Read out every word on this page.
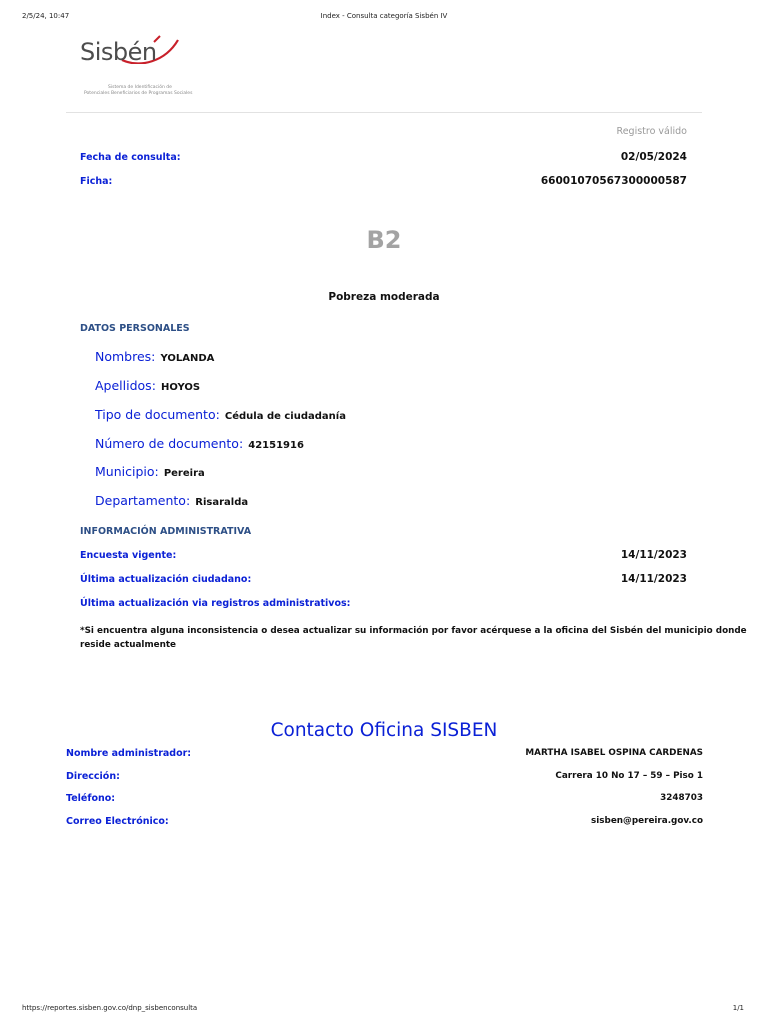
2/5/24, 10:47	Index - Consulta categoría Sisbén IV
Sisbén
Sistema de Identificación de
Potenciales Beneficiarios de Programas Sociales
Registro válido
Fecha de consulta:	02/05/2024
Ficha:	66001070567300000587
B2
Pobreza moderada
DATOS PERSONALES
Nombres: YOLANDA
Apellidos: HOYOS
Tipo de documento: Cédula de ciudadanía
Número de documento: 42151916
Municipio: Pereira
Departamento: Risaralda
INFORMACIÓN ADMINISTRATIVA
Encuesta vigente:	14/11/2023
Última actualización ciudadano:	14/11/2023
Última actualización via registros administrativos:
*Si encuentra alguna inconsistencia o desea actualizar su información por favor acérquese a la oficina del Sisbén del municipio donde
reside actualmente
Contacto Oficina SISBEN
Nombre administrador:	MARTHA ISABEL OSPINA CARDENAS
Dirección:	Carrera 10 No 17 – 59 – Piso 1
Teléfono:	3248703
Correo Electrónico:	sisben@pereira.gov.co
https://reportes.sisben.gov.co/dnp_sisbenconsulta	1/1
